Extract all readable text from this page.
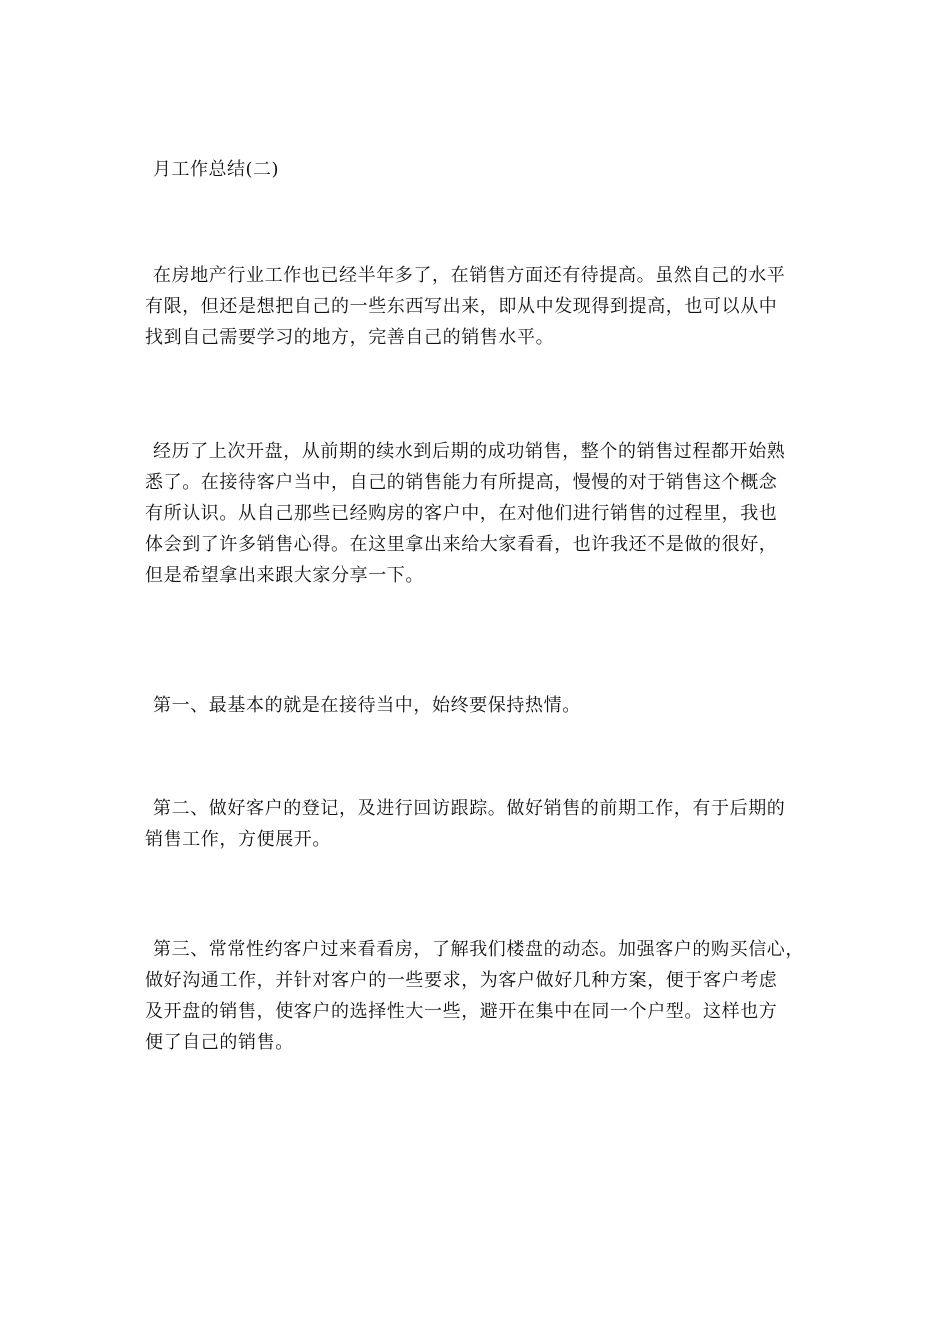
月工作总结(二)
在房地产行业工作也已经半年多了，在销售方面还有待提高。虽然自己的水平
有限，但还是想把自己的一些东西写出来，即从中发现得到提高，也可以从中
找到自己需要学习的地方，完善自己的销售水平。
经历了上次开盘，从前期的续水到后期的成功销售，整个的销售过程都开始熟
悉了。在接待客户当中，自己的销售能力有所提高，慢慢的对于销售这个概念
有所认识。从自己那些已经购房的客户中，在对他们进行销售的过程里，我也
体会到了许多销售心得。在这里拿出来给大家看看，也许我还不是做的很好，
但是希望拿出来跟大家分享一下。
第一、最基本的就是在接待当中，始终要保持热情。
第二、做好客户的登记，及进行回访跟踪。做好销售的前期工作，有于后期的
销售工作，方便展开。
第三、常常性约客户过来看看房，了解我们楼盘的动态。加强客户的购买信心，
做好沟通工作，并针对客户的一些要求，为客户做好几种方案，便于客户考虑
及开盘的销售，使客户的选择性大一些，避开在集中在同一个户型。这样也方
便了自己的销售。
